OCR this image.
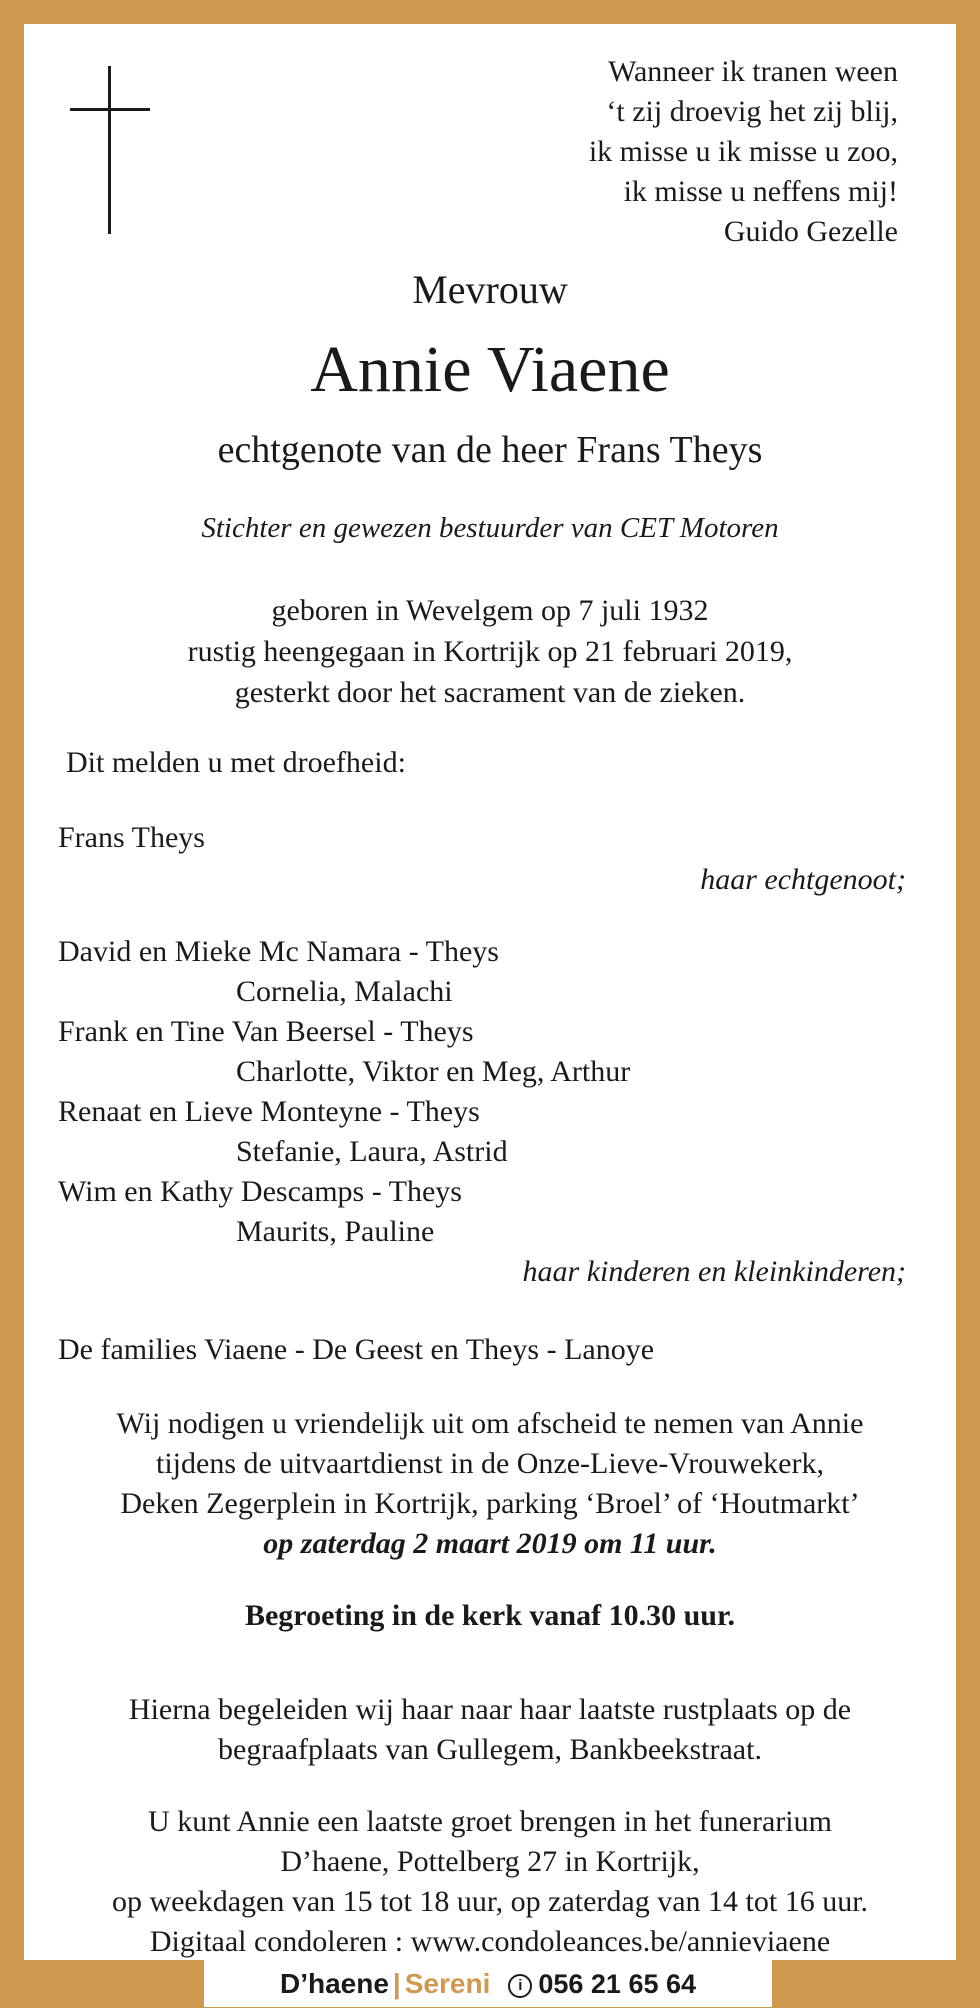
Wanneer ik tranen ween
‘t zij droevig het zij blij,
ik misse u ik misse u zoo,
ik misse u neffens mij!
Guido Gezelle
Mevrouw
Annie Viaene
echtgenote van de heer Frans Theys
Stichter en gewezen bestuurder van CET Motoren
geboren in Wevelgem op 7 juli 1932
rustig heengegaan in Kortrijk op 21 februari 2019,
gesterkt door het sacrament van de zieken.
Dit melden u met droefheid:
Frans Theys
haar echtgenoot;
David en Mieke Mc Namara - Theys
Cornelia, Malachi
Frank en Tine Van Beersel - Theys
Charlotte, Viktor en Meg, Arthur
Renaat en Lieve Monteyne - Theys
Stefanie, Laura, Astrid
Wim en Kathy Descamps - Theys
Maurits, Pauline
haar kinderen en kleinkinderen;
De families Viaene - De Geest en Theys - Lanoye
Wij nodigen u vriendelijk uit om afscheid te nemen van Annie
tijdens de uitvaartdienst in de Onze-Lieve-Vrouwekerk,
Deken Zegerplein in Kortrijk, parking ‘Broel’ of ‘Houtmarkt’
op zaterdag 2 maart 2019 om 11 uur.
Begroeting in de kerk vanaf 10.30 uur.
Hierna begeleiden wij haar naar haar laatste rustplaats op de
begraafplaats van Gullegem, Bankbeekstraat.
U kunt Annie een laatste groet brengen in het funerarium
D’haene, Pottelberg 27 in Kortrijk,
op weekdagen van 15 tot 18 uur, op zaterdag van 14 tot 16 uur.
Digitaal condoleren : www.condoleances.be/annieviaene
D’haene | Sereni i 056 21 65 64
